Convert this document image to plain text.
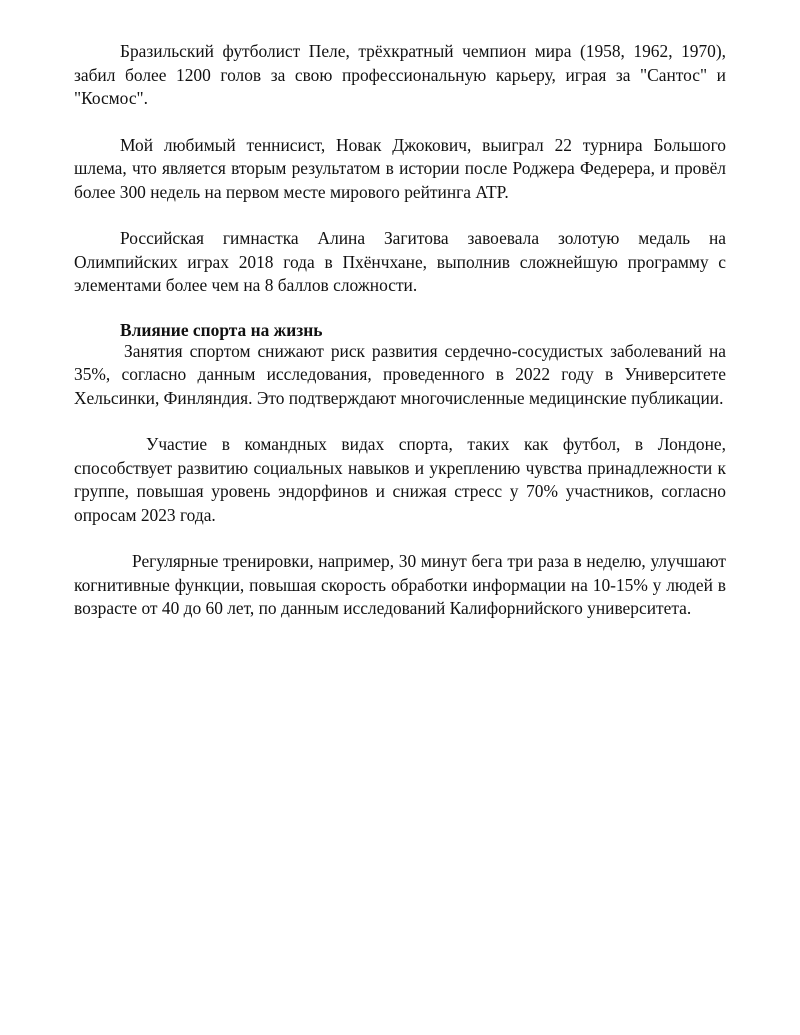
Бразильский футболист Пеле, трёхкратный чемпион мира (1958, 1962, 1970), забил более 1200 голов за свою профессиональную карьеру, играя за "Сантос" и "Космос".

Мой любимый теннисист, Новак Джокович, выиграл 22 турнира Большого шлема, что является вторым результатом в истории после Роджера Федерера, и провёл более 300 недель на первом месте мирового рейтинга ATP.

Российская гимнастка Алина Загитова завоевала золотую медаль на Олимпийских играх 2018 года в Пхёнчхане, выполнив сложнейшую программу с элементами более чем на 8 баллов сложности.

Влияние спорта на жизнь

Занятия спортом снижают риск развития сердечно-сосудистых заболеваний на 35%, согласно данным исследования, проведенного в 2022 году в Университете Хельсинки, Финляндия. Это подтверждают многочисленные медицинские публикации.

Участие в командных видах спорта, таких как футбол, в Лондоне, способствует развитию социальных навыков и укреплению чувства принадлежности к группе, повышая уровень эндорфинов и снижая стресс у 70% участников, согласно опросам 2023 года.

Регулярные тренировки, например, 30 минут бега три раза в неделю, улучшают когнитивные функции, повышая скорость обработки информации на 10-15% у людей в возрасте от 40 до 60 лет, по данным исследований Калифорнийского университета.
